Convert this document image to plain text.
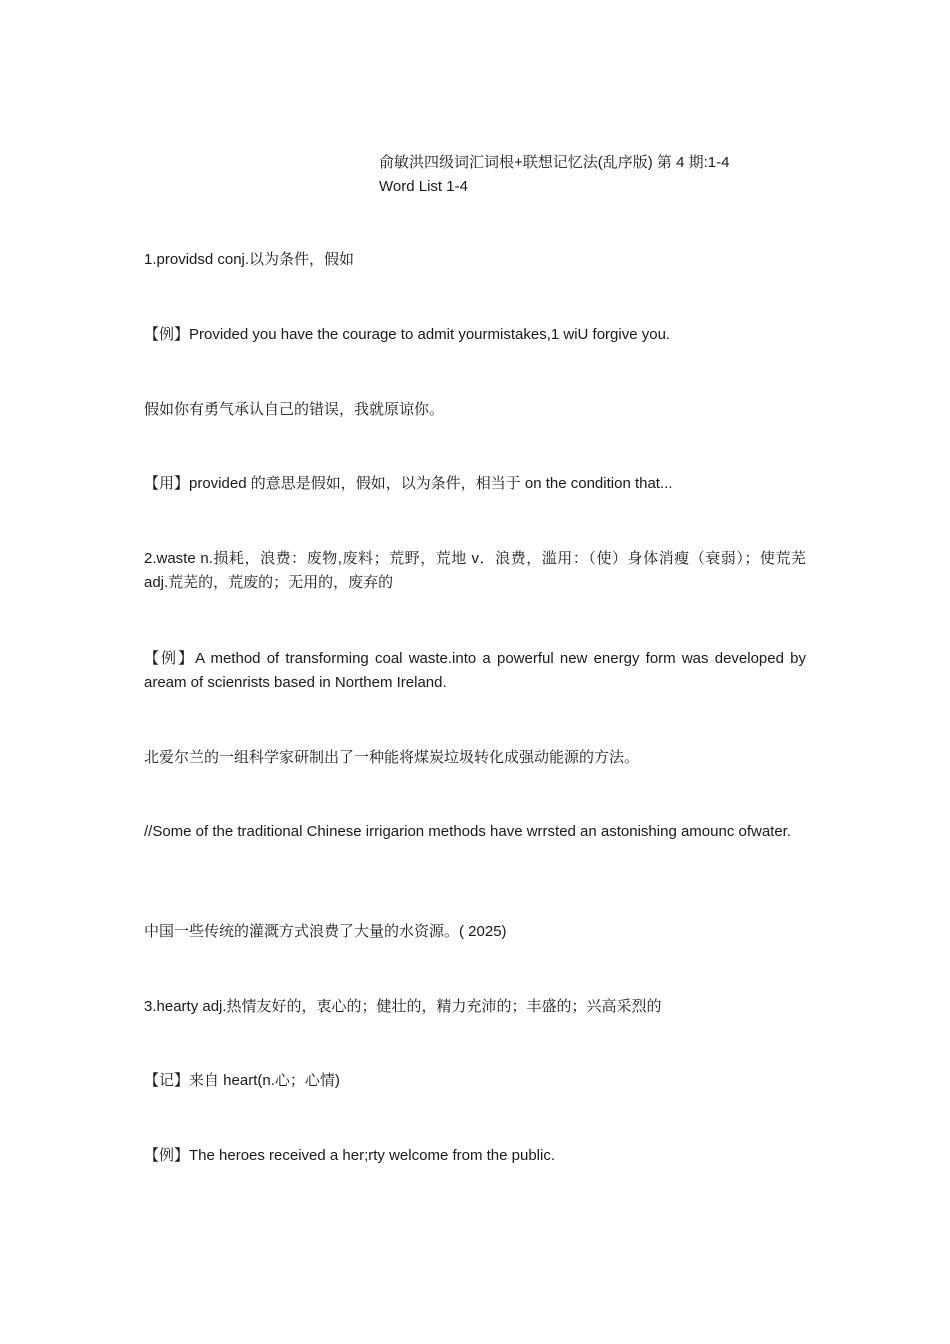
俞敏洪四级词汇词根+联想记忆法(乱序版) 第 4 期:1-4
Word List 1-4

1.providsd conj.以为条件，假如

【例】Provided you have the courage to admit yourmistakes,1 wiU forgive you.

假如你有勇气承认自己的错误，我就原谅你。

【用】provided 的意思是假如，假如，以为条件，相当于 on the condition that...

2.waste n.损耗，浪费：废物,废料；荒野，荒地 v．浪费，滥用：（使）身体消瘦（衰弱）；使荒芜 adj.荒芜的，荒废的；无用的，废弃的

【例】A method of transforming coal waste.into a powerful new energy form was developed by aream of scienrists based in Northem Ireland.

北爱尔兰的一组科学家研制出了一种能将煤炭垃圾转化成强动能源的方法。

//Some of the traditional Chinese irrigarion methods have wrrsted an astonishing amounc ofwater.

中国一些传统的灌溉方式浪费了大量的水资源。( 2025)

3.hearty adj.热情友好的，衷心的；健壮的，精力充沛的；丰盛的；兴高采烈的

【记】来自 heart(n.心；心情)

【例】The heroes received a her;rty welcome from the public.
